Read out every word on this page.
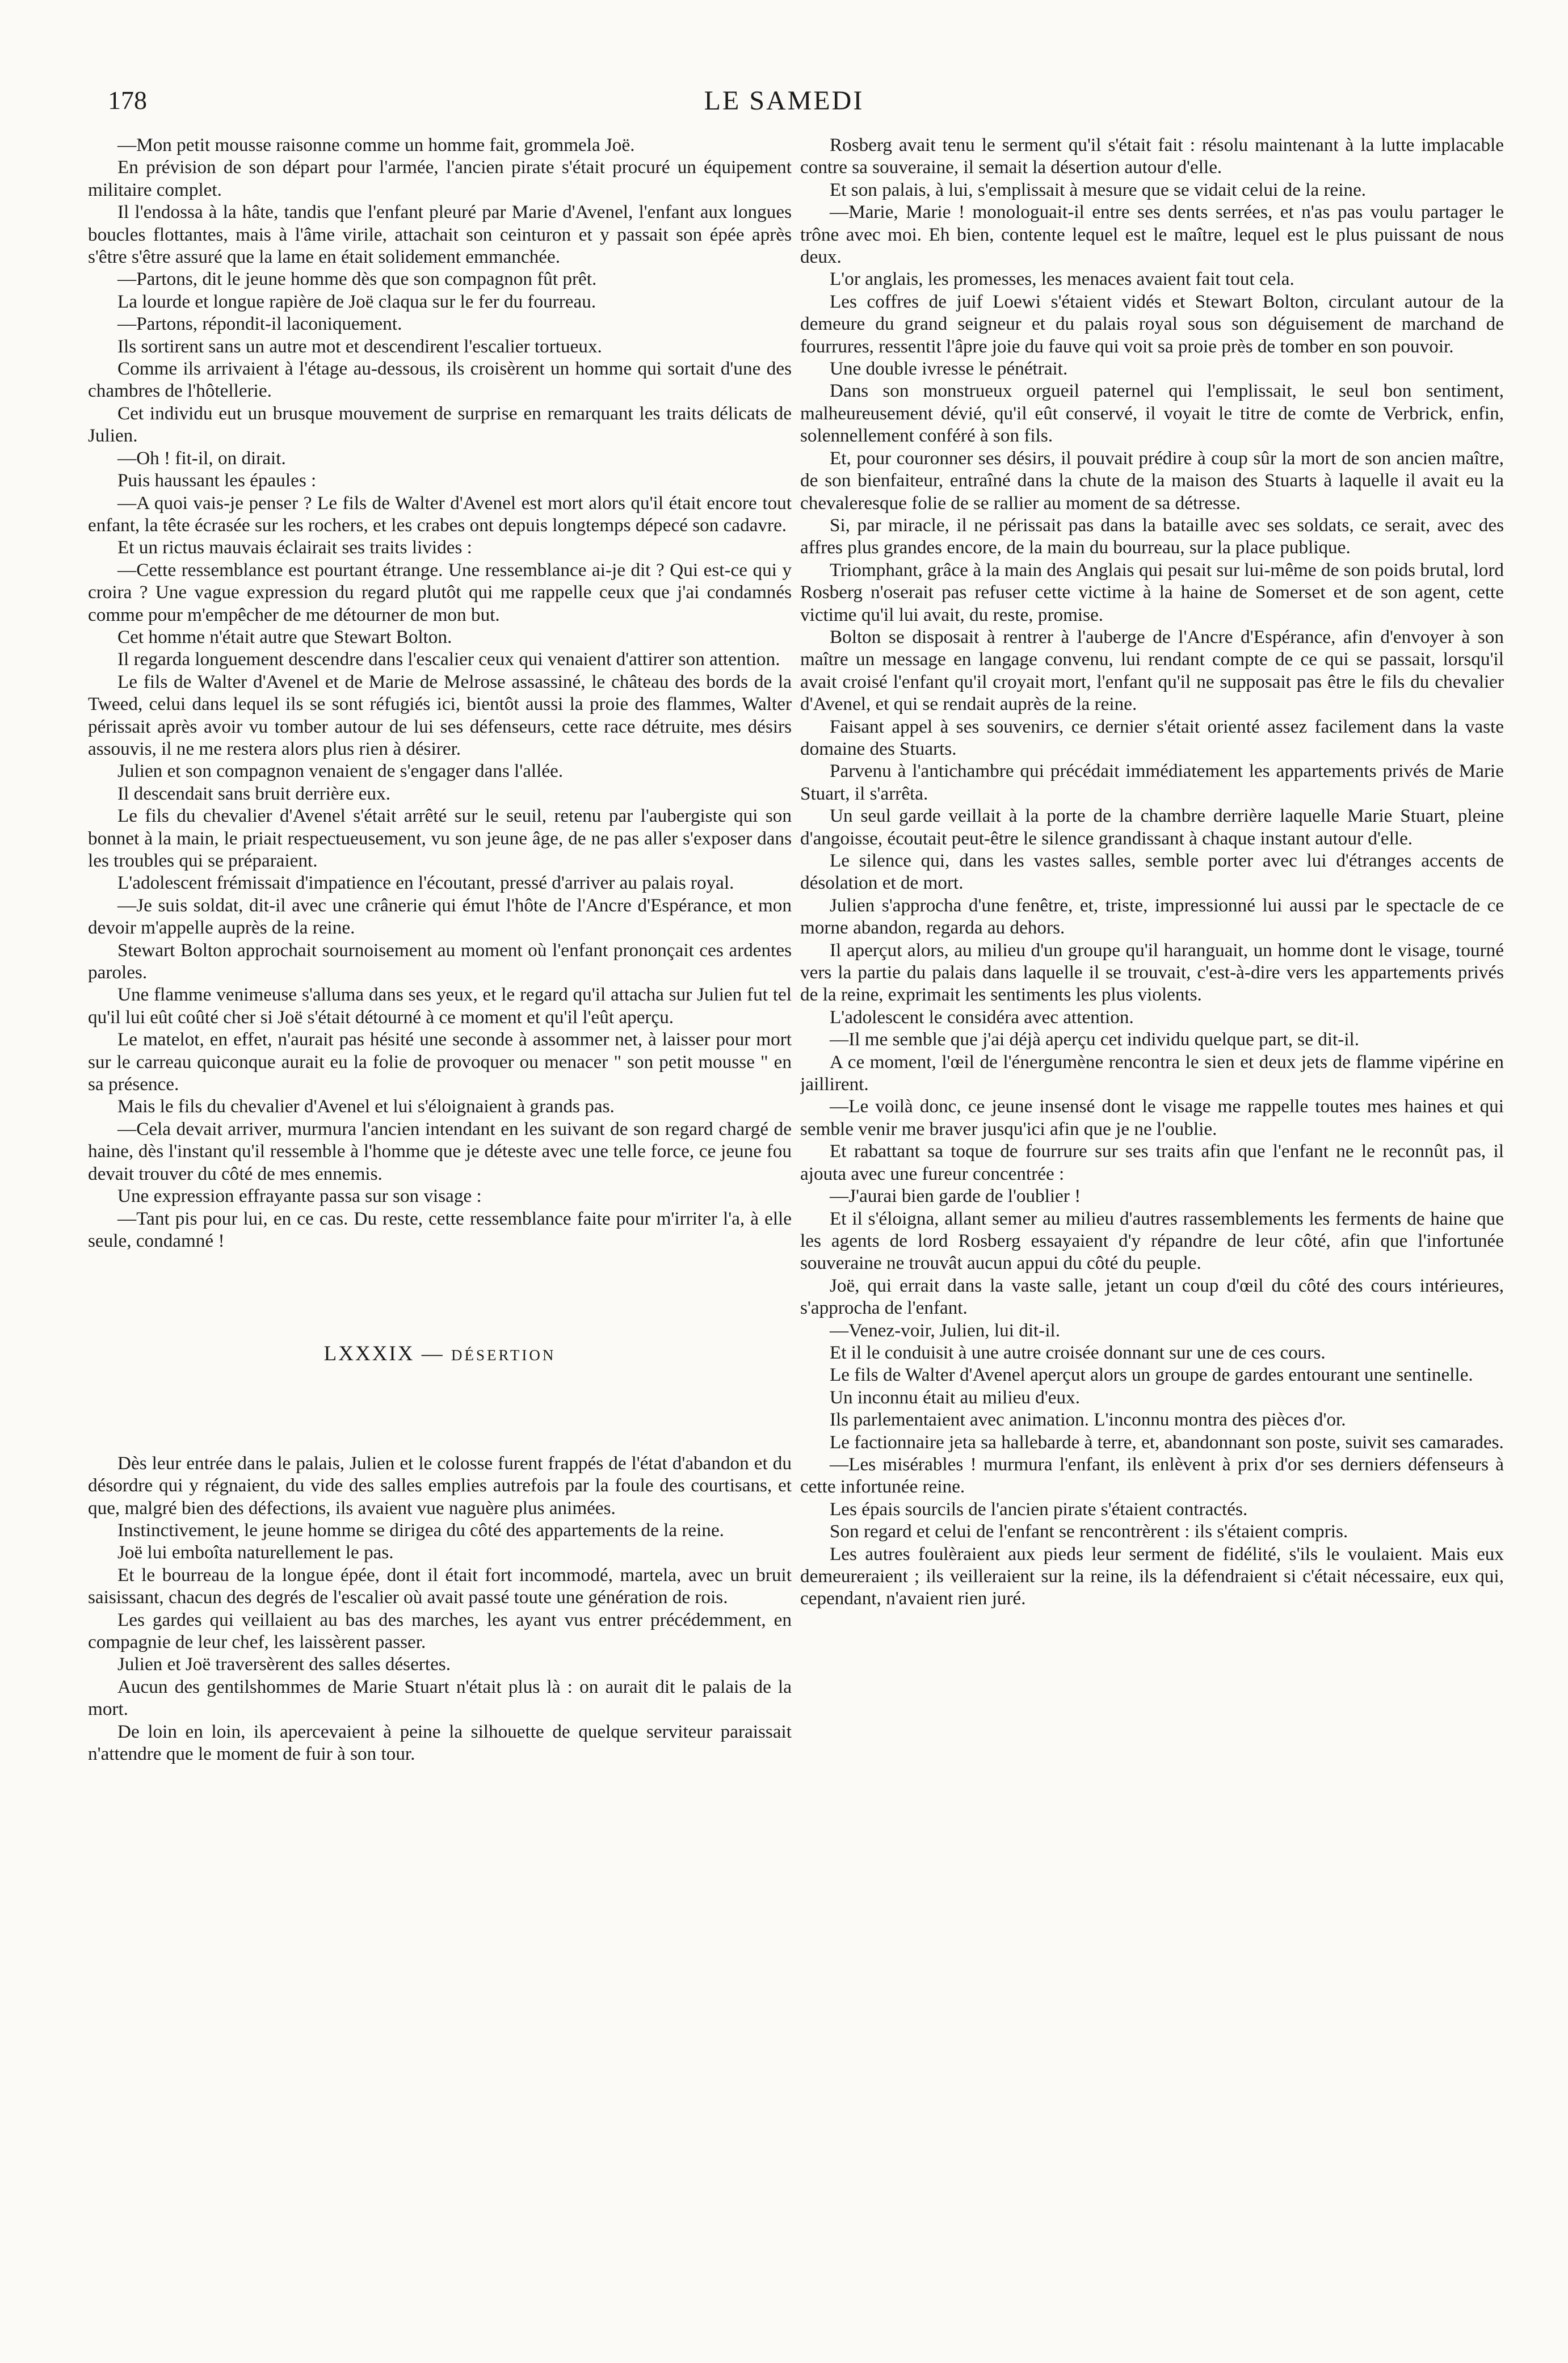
178	LE SAMEDI

—Mon petit mousse raisonne comme un homme fait, grommela Joë.

En prévision de son départ pour l'armée, l'ancien pirate s'était procuré un équipement militaire complet.

Il l'endossa à la hâte, tandis que l'enfant pleuré par Marie d'Avenel, l'enfant aux longues boucles flottantes, mais à l'âme virile, attachait son ceinturon et y passait son épée après s'être s'être assuré que la lame en était solidement emmanchée.

—Partons, dit le jeune homme dès que son compagnon fût prêt.

La lourde et longue rapière de Joë claqua sur le fer du fourreau.

—Partons, répondit-il laconiquement.

Ils sortirent sans un autre mot et descendirent l'escalier tortueux.

Comme ils arrivaient à l'étage au-dessous, ils croisèrent un homme qui sortait d'une des chambres de l'hôtellerie.

Cet individu eut un brusque mouvement de surprise en remarquant les traits délicats de Julien.

—Oh ! fit-il, on dirait.

Puis haussant les épaules :

—A quoi vais-je penser ? Le fils de Walter d'Avenel est mort alors qu'il était encore tout enfant, la tête écrasée sur les rochers, et les crabes ont depuis longtemps dépecé son cadavre.

Et un rictus mauvais éclairait ses traits livides :

—Cette ressemblance est pourtant étrange. Une ressemblance ai-je dit ? Qui est-ce qui y croira ? Une vague expression du regard plutôt qui me rappelle ceux que j'ai condamnés comme pour m'empêcher de me détourner de mon but.

Cet homme n'était autre que Stewart Bolton.

Il regarda longuement descendre dans l'escalier ceux qui venaient d'attirer son attention.

Le fils de Walter d'Avenel et de Marie de Melrose assassiné, le château des bords de la Tweed, celui dans lequel ils se sont réfugiés ici, bientôt aussi la proie des flammes, Walter périssait après avoir vu tomber autour de lui ses défenseurs, cette race détruite, mes désirs assouvis, il ne me restera alors plus rien à désirer.

Julien et son compagnon venaient de s'engager dans l'allée.

Il descendait sans bruit derrière eux.

Le fils du chevalier d'Avenel s'était arrêté sur le seuil, retenu par l'aubergiste qui son bonnet à la main, le priait respectueusement, vu son jeune âge, de ne pas aller s'exposer dans les troubles qui se préparaient.

L'adolescent frémissait d'impatience en l'écoutant, pressé d'arriver au palais royal.

—Je suis soldat, dit-il avec une crânerie qui émut l'hôte de l'Ancre d'Espérance, et mon devoir m'appelle auprès de la reine.

Stewart Bolton approchait sournoisement au moment où l'enfant prononçait ces ardentes paroles.

Une flamme venimeuse s'alluma dans ses yeux, et le regard qu'il attacha sur Julien fut tel qu'il lui eût coûté cher si Joë s'était détourné à ce moment et qu'il l'eût aperçu.

Le matelot, en effet, n'aurait pas hésité une seconde à assommer net, à laisser pour mort sur le carreau quiconque aurait eu la folie de provoquer ou menacer " son petit mousse " en sa présence.

Mais le fils du chevalier d'Avenel et lui s'éloignaient à grands pas.

—Cela devait arriver, murmura l'ancien intendant en les suivant de son regard chargé de haine, dès l'instant qu'il ressemble à l'homme que je déteste avec une telle force, ce jeune fou devait trouver du côté de mes ennemis.

Une expression effrayante passa sur son visage :

—Tant pis pour lui, en ce cas. Du reste, cette ressemblance faite pour m'irriter l'a, à elle seule, condamné !

LXXXIX — DÉSERTION

Dès leur entrée dans le palais, Julien et le colosse furent frappés de l'état d'abandon et du désordre qui y régnaient, du vide des salles emplies autrefois par la foule des courtisans, et que, malgré bien des défections, ils avaient vue naguère plus animées.

Instinctivement, le jeune homme se dirigea du côté des appartements de la reine.

Joë lui emboîta naturellement le pas.

Et le bourreau de la longue épée, dont il était fort incommodé, martela, avec un bruit saisissant, chacun des degrés de l'escalier où avait passé toute une génération de rois.

Les gardes qui veillaient au bas des marches, les ayant vus entrer précédemment, en compagnie de leur chef, les laissèrent passer.

Julien et Joë traversèrent des salles désertes.

Aucun des gentilshommes de Marie Stuart n'était plus là : on aurait dit le palais de la mort.

De loin en loin, ils apercevaient à peine la silhouette de quelque serviteur paraissait n'attendre que le moment de fuir à son tour.

Rosberg avait tenu le serment qu'il s'était fait : résolu maintenant à la lutte implacable contre sa souveraine, il semait la désertion autour d'elle.

Et son palais, à lui, s'emplissait à mesure que se vidait celui de la reine.

—Marie, Marie ! monologuait-il entre ses dents serrées, et n'as pas voulu partager le trône avec moi. Eh bien, contente lequel est le maître, lequel est le plus puissant de nous deux.

L'or anglais, les promesses, les menaces avaient fait tout cela.

Les coffres de juif Loewi s'étaient vidés et Stewart Bolton, circulant autour de la demeure du grand seigneur et du palais royal sous son déguisement de marchand de fourrures, ressentit l'âpre joie du fauve qui voit sa proie près de tomber en son pouvoir.

Une double ivresse le pénétrait.

Dans son monstrueux orgueil paternel qui l'emplissait, le seul bon sentiment, malheureusement dévié, qu'il eût conservé, il voyait le titre de comte de Verbrick, enfin, solennellement conféré à son fils.

Et, pour couronner ses désirs, il pouvait prédire à coup sûr la mort de son ancien maître, de son bienfaiteur, entraîné dans la chute de la maison des Stuarts à laquelle il avait eu la chevaleresque folie de se rallier au moment de sa détresse.

Si, par miracle, il ne périssait pas dans la bataille avec ses soldats, ce serait, avec des affres plus grandes encore, de la main du bourreau, sur la place publique.

Triomphant, grâce à la main des Anglais qui pesait sur lui-même de son poids brutal, lord Rosberg n'oserait pas refuser cette victime à la haine de Somerset et de son agent, cette victime qu'il lui avait, du reste, promise.

Bolton se disposait à rentrer à l'auberge de l'Ancre d'Espérance, afin d'envoyer à son maître un message en langage convenu, lui rendant compte de ce qui se passait, lorsqu'il avait croisé l'enfant qu'il croyait mort, l'enfant qu'il ne supposait pas être le fils du chevalier d'Avenel, et qui se rendait auprès de la reine.

Faisant appel à ses souvenirs, ce dernier s'était orienté assez facilement dans la vaste domaine des Stuarts.

Parvenu à l'antichambre qui précédait immédiatement les appartements privés de Marie Stuart, il s'arrêta.

Un seul garde veillait à la porte de la chambre derrière laquelle Marie Stuart, pleine d'angoisse, écoutait peut-être le silence grandissant à chaque instant autour d'elle.

Le silence qui, dans les vastes salles, semble porter avec lui d'étranges accents de désolation et de mort.

Julien s'approcha d'une fenêtre, et, triste, impressionné lui aussi par le spectacle de ce morne abandon, regarda au dehors.

Il aperçut alors, au milieu d'un groupe qu'il haranguait, un homme dont le visage, tourné vers la partie du palais dans laquelle il se trouvait, c'est-à-dire vers les appartements privés de la reine, exprimait les sentiments les plus violents.

L'adolescent le considéra avec attention.

—Il me semble que j'ai déjà aperçu cet individu quelque part, se dit-il.

A ce moment, l'œil de l'énergumène rencontra le sien et deux jets de flamme vipérine en jaillirent.

—Le voilà donc, ce jeune insensé dont le visage me rappelle toutes mes haines et qui semble venir me braver jusqu'ici afin que je ne l'oublie.

Et rabattant sa toque de fourrure sur ses traits afin que l'enfant ne le reconnût pas, il ajouta avec une fureur concentrée :

—J'aurai bien garde de l'oublier !

Et il s'éloigna, allant semer au milieu d'autres rassemblements les ferments de haine que les agents de lord Rosberg essayaient d'y répandre de leur côté, afin que l'infortunée souveraine ne trouvât aucun appui du côté du peuple.

Joë, qui errait dans la vaste salle, jetant un coup d'œil du côté des cours intérieures, s'approcha de l'enfant.

—Venez-voir, Julien, lui dit-il.

Et il le conduisit à une autre croisée donnant sur une de ces cours.

Le fils de Walter d'Avenel aperçut alors un groupe de gardes entourant une sentinelle.

Un inconnu était au milieu d'eux.

Ils parlementaient avec animation. L'inconnu montra des pièces d'or.

Le factionnaire jeta sa hallebarde à terre, et, abandonnant son poste, suivit ses camarades.

—Les misérables ! murmura l'enfant, ils enlèvent à prix d'or ses derniers défenseurs à cette infortunée reine.

Les épais sourcils de l'ancien pirate s'étaient contractés.

Son regard et celui de l'enfant se rencontrèrent : ils s'étaient compris.

Les autres foulèraient aux pieds leur serment de fidélité, s'ils le voulaient. Mais eux demeureraient ; ils veilleraient sur la reine, ils la défendraient si c'était nécessaire, eux qui, cependant, n'avaient rien juré.
